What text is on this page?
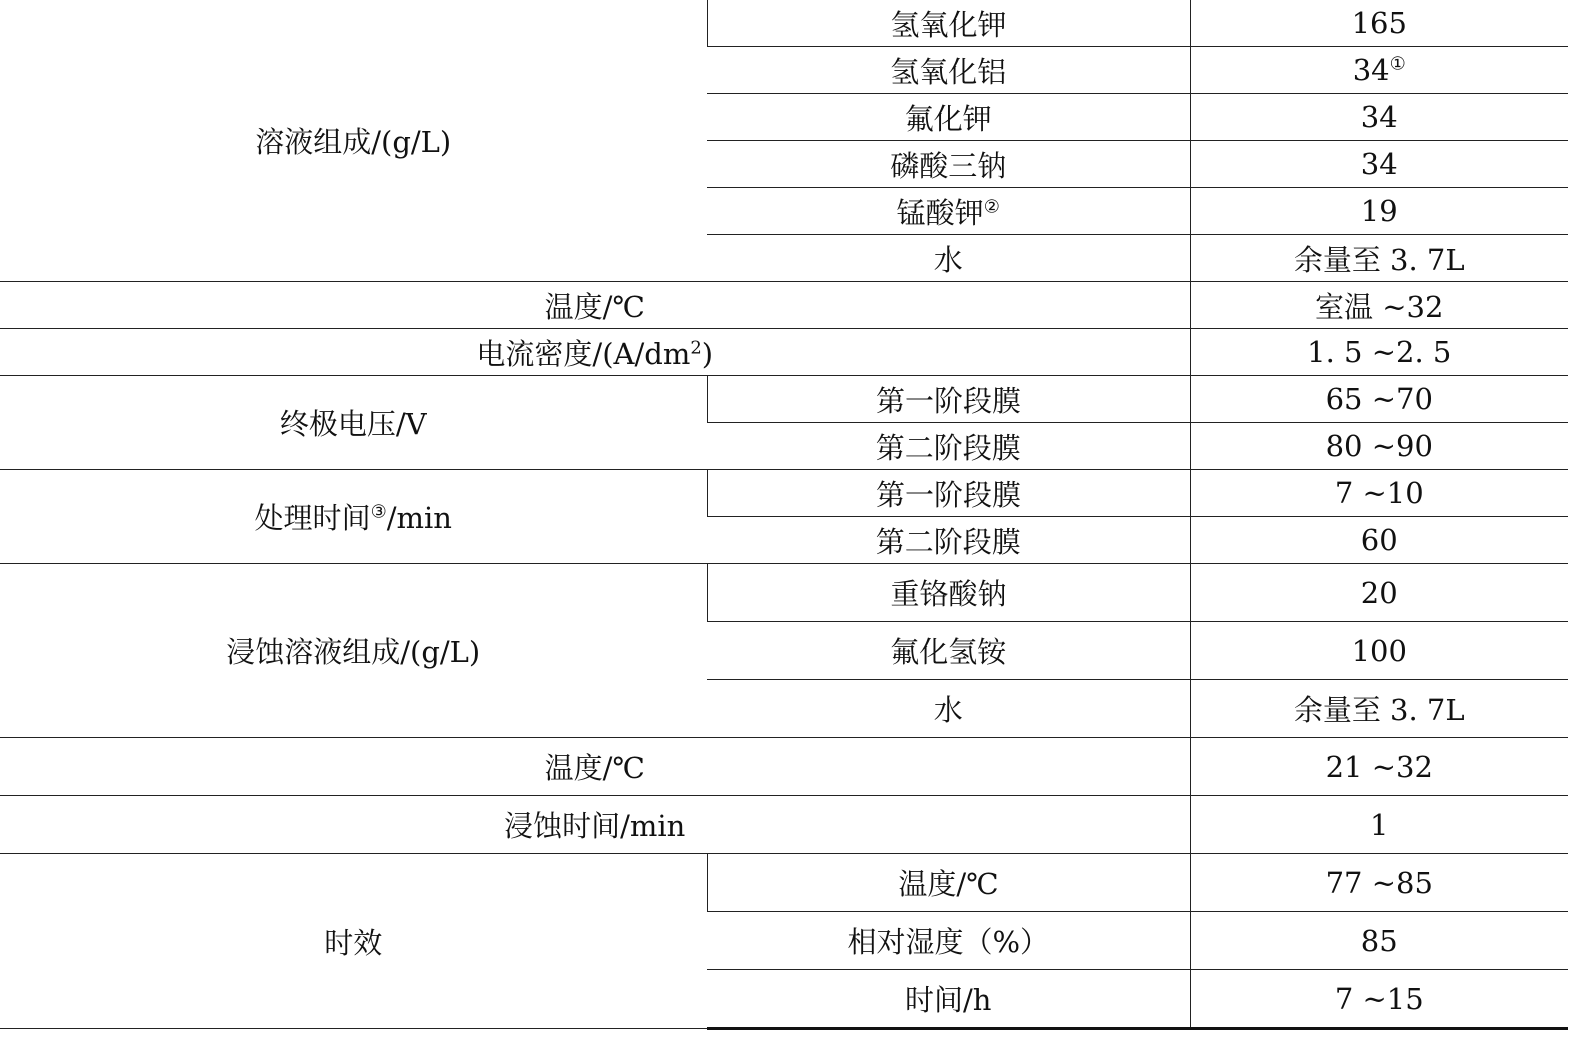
溶液组成/(g/L)	氢氧化钾	165
	氢氧化铝	34①
	氟化钾	34
	磷酸三钠	34
	锰酸钾②	19
	水	余量至 3. 7L
温度/℃		室温 ~32
电流密度$/(A/dm^2)$		1. 5 ~2. 5
终极电压/V	第一阶段膜	65 ~70
	第二阶段膜	80 ~90
处理时间③/min	第一阶段膜	7 ~10
	第二阶段膜	60
浸蚀溶液组成/(g/L)	重铬酸钠	20
	氟化氢铵	100
	水	余量至 3. 7L
温度/℃		21 ~32
浸蚀时间/min		1
时效	温度/℃	77 ~85
	相对湿度（%）	85
	时间/h	7 ~15
